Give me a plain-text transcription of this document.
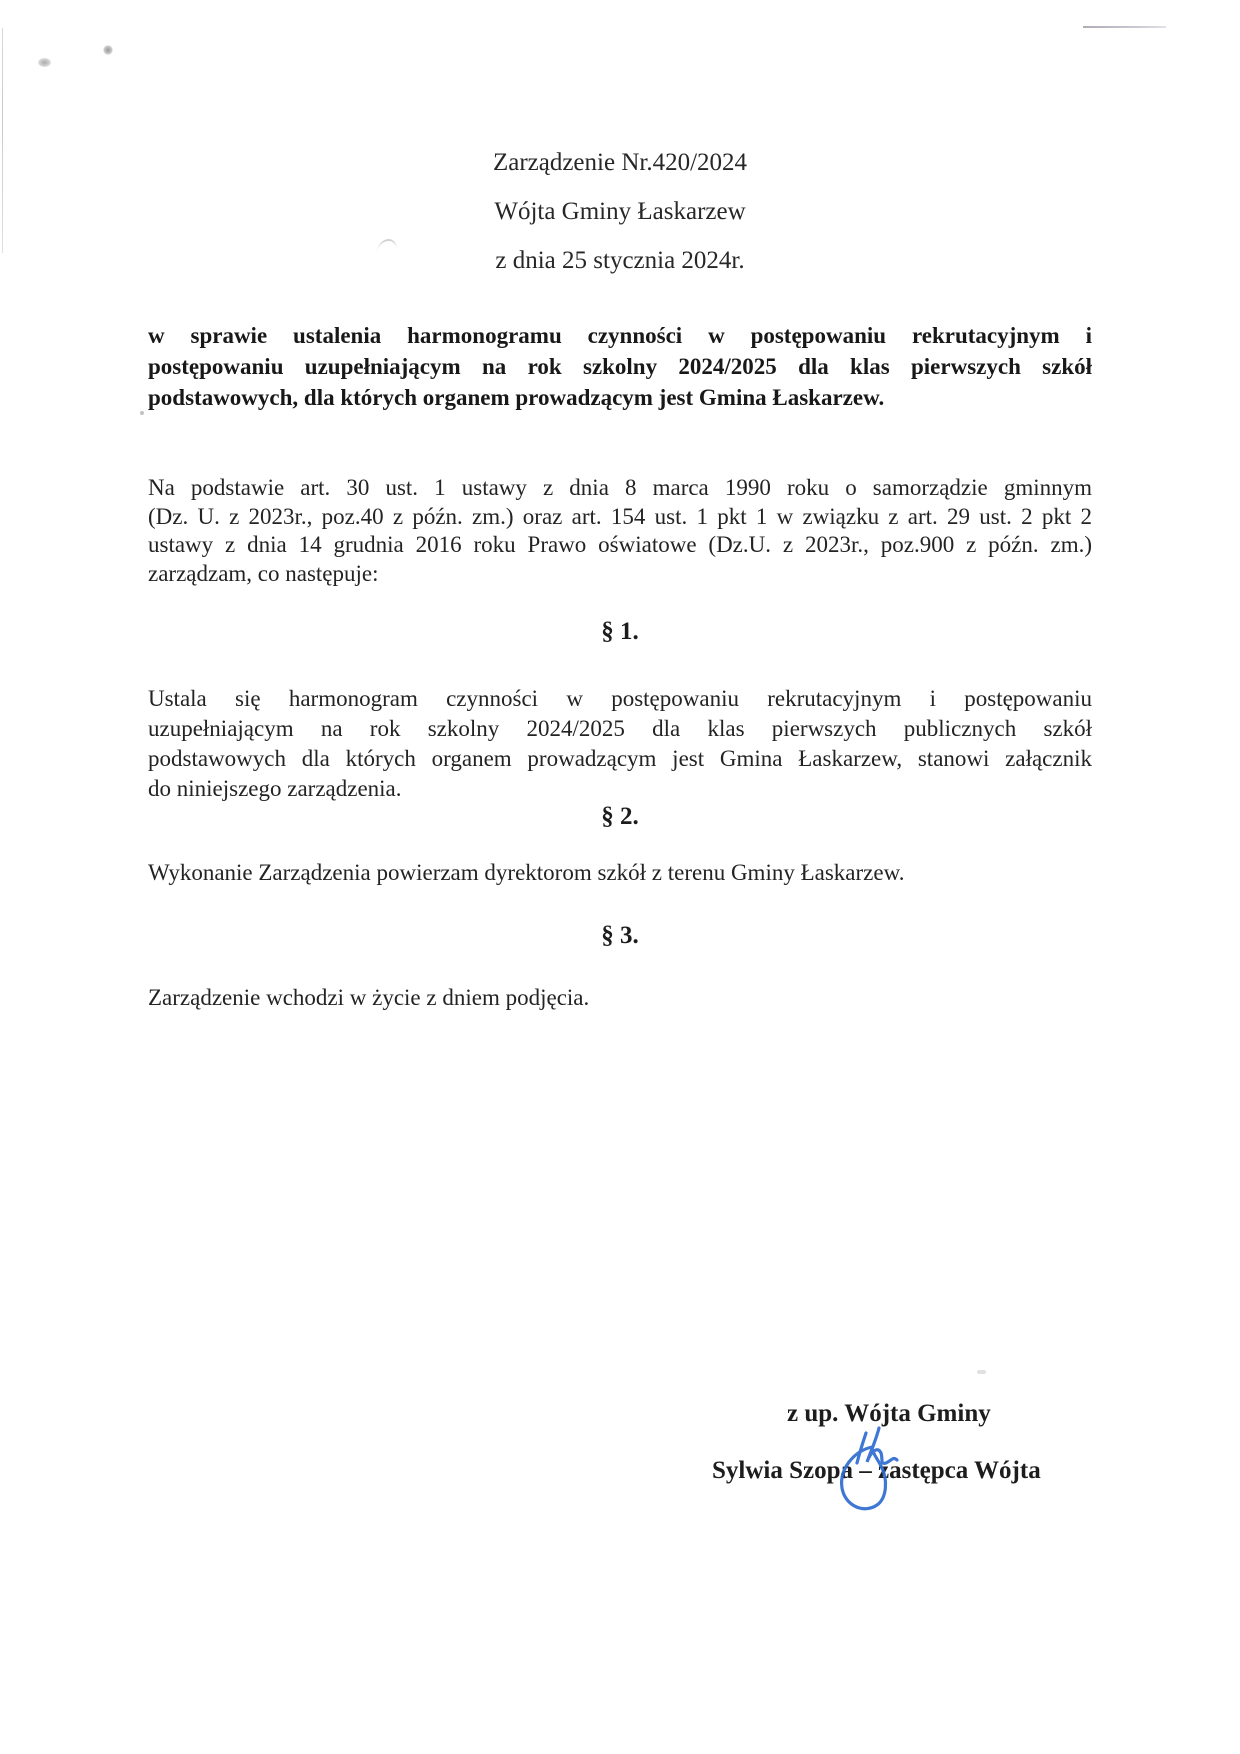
Zarządzenie Nr.420/2024
Wójta Gminy Łaskarzew
z dnia 25 stycznia 2024r.
w sprawie ustalenia harmonogramu czynności w postępowaniu rekrutacyjnym i
postępowaniu uzupełniającym na rok szkolny 2024/2025 dla klas pierwszych szkół
podstawowych, dla których organem prowadzącym jest Gmina Łaskarzew.
Na podstawie art. 30 ust. 1 ustawy z dnia 8 marca 1990 roku o samorządzie gminnym
(Dz. U. z 2023r., poz.40 z późn. zm.) oraz art. 154 ust. 1 pkt 1 w związku z art. 29 ust. 2 pkt 2
ustawy z dnia 14 grudnia 2016 roku Prawo oświatowe (Dz.U. z 2023r., poz.900 z późn. zm.)
zarządzam, co następuje:
§ 1.
Ustala się harmonogram czynności w postępowaniu rekrutacyjnym i postępowaniu
uzupełniającym na rok szkolny 2024/2025 dla klas pierwszych publicznych szkół
podstawowych dla których organem prowadzącym jest Gmina Łaskarzew, stanowi załącznik
do niniejszego zarządzenia.
§ 2.
Wykonanie Zarządzenia powierzam dyrektorom szkół z terenu Gminy Łaskarzew.
§ 3.
Zarządzenie wchodzi w życie z dniem podjęcia.
z up. Wójta Gminy
Sylwia Szopa – zastępca Wójta
